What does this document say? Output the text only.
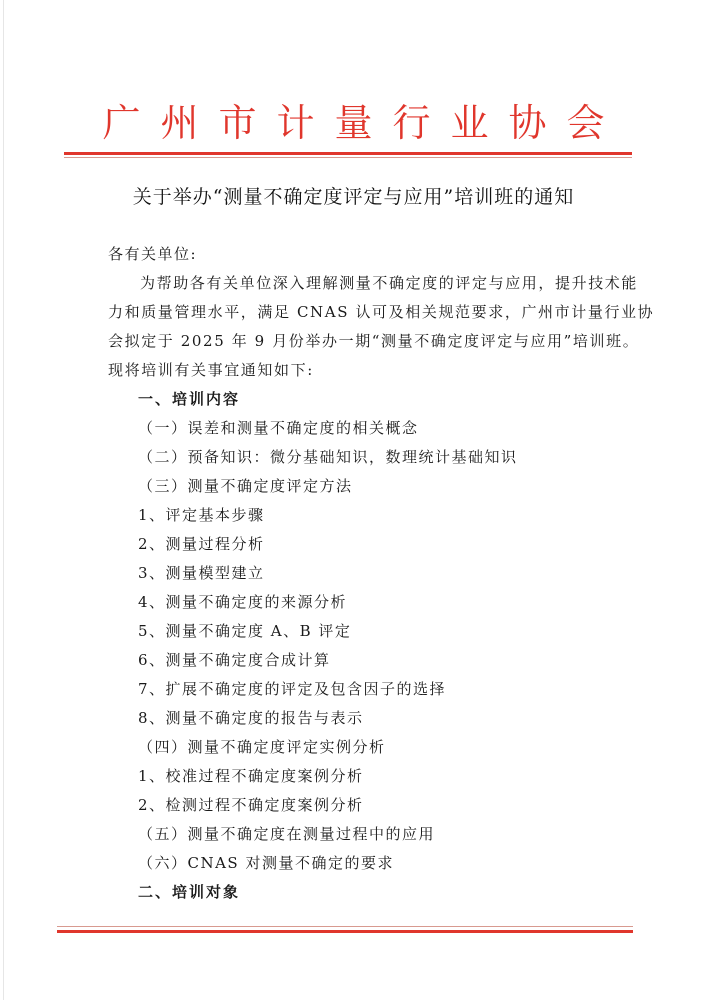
广州市计量行业协会
关于举办“测量不确定度评定与应用”培训班的通知
各有关单位:
为帮助各有关单位深入理解测量不确定度的评定与应用，提升技术能
力和质量管理水平，满足 CNAS 认可及相关规范要求，广州市计量行业协
会拟定于 2025 年 9 月份举办一期“测量不确定度评定与应用”培训班。
现将培训有关事宜通知如下:
一、培训内容
（一）误差和测量不确定度的相关概念
（二）预备知识：微分基础知识，数理统计基础知识
（三）测量不确定度评定方法
1、评定基本步骤
2、测量过程分析
3、测量模型建立
4、测量不确定度的来源分析
5、测量不确定度 A、B 评定
6、测量不确定度合成计算
7、扩展不确定度的评定及包含因子的选择
8、测量不确定度的报告与表示
（四）测量不确定度评定实例分析
1、校准过程不确定度案例分析
2、检测过程不确定度案例分析
（五）测量不确定度在测量过程中的应用
（六）CNAS 对测量不确定的要求
二、培训对象
